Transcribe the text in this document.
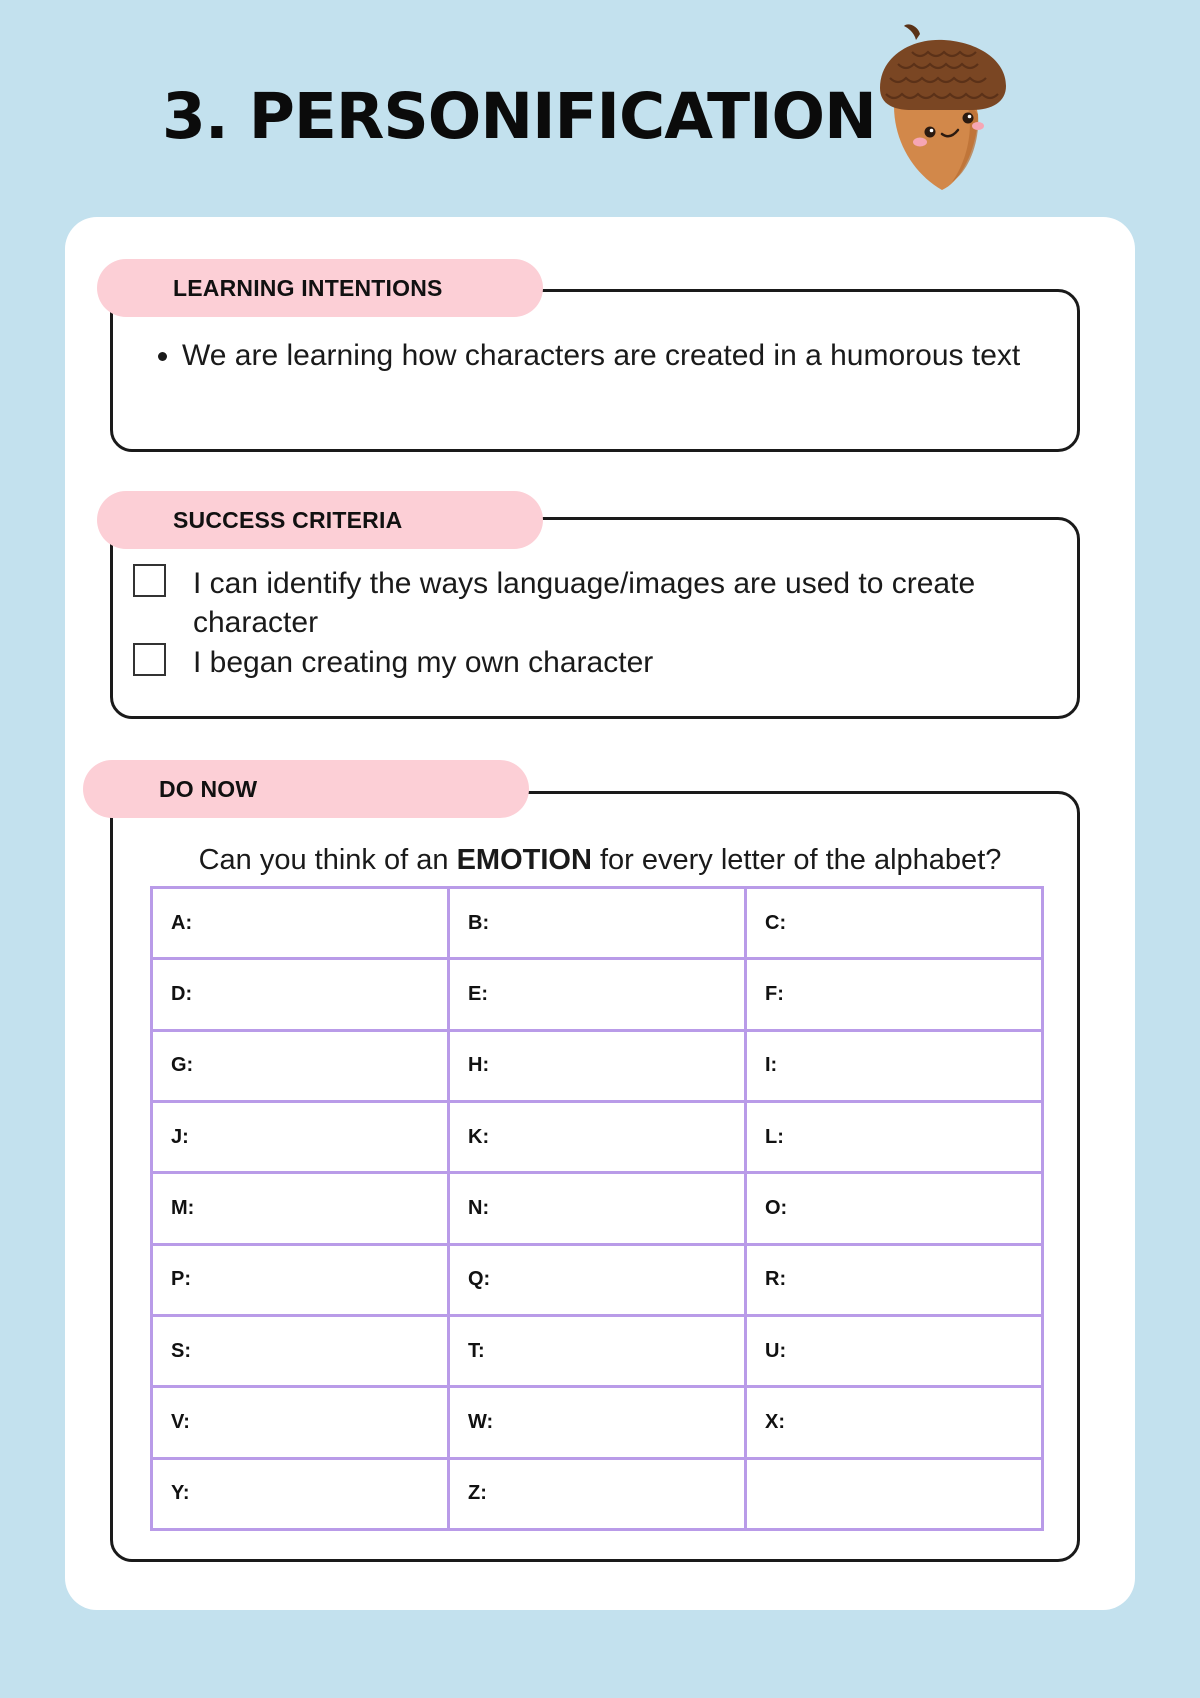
3. PERSONIFICATION
LEARNING INTENTIONS
• We are learning how characters are created in a humorous text
SUCCESS CRITERIA
I can identify the ways language/images are used to create character
I began creating my own character
DO NOW
Can you think of an EMOTION for every letter of the alphabet?
A:	B:	C:
D:	E:	F:
G:	H:	I:
J:	K:	L:
M:	N:	O:
P:	Q:	R:
S:	T:	U:
V:	W:	X:
Y:	Z:	
